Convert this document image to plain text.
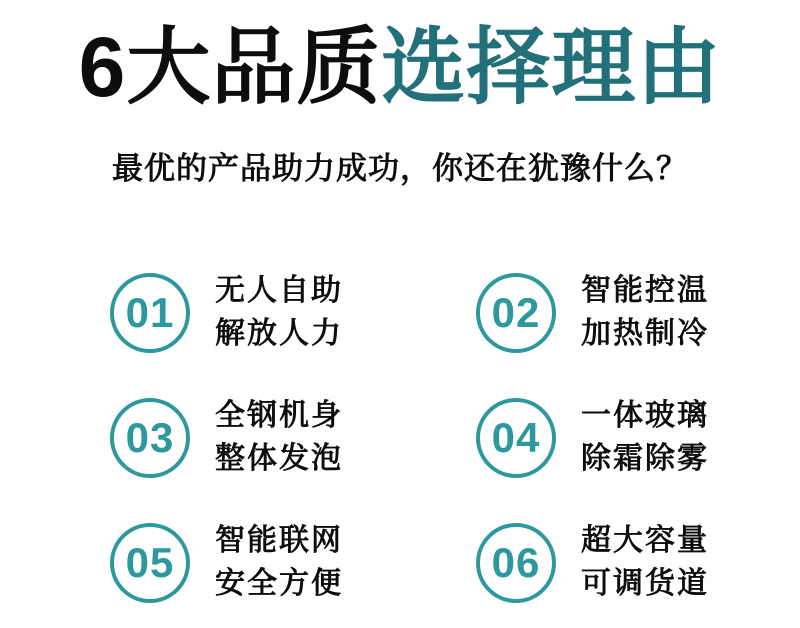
6大品质选择理由

最优的产品助力成功，你还在犹豫什么？

01 无人自助
解放人力	02 智能控温
加热制冷
03 全钢机身
整体发泡	04 一体玻璃
除霜除雾
05 智能联网
安全方便	06 超大容量
可调货道
